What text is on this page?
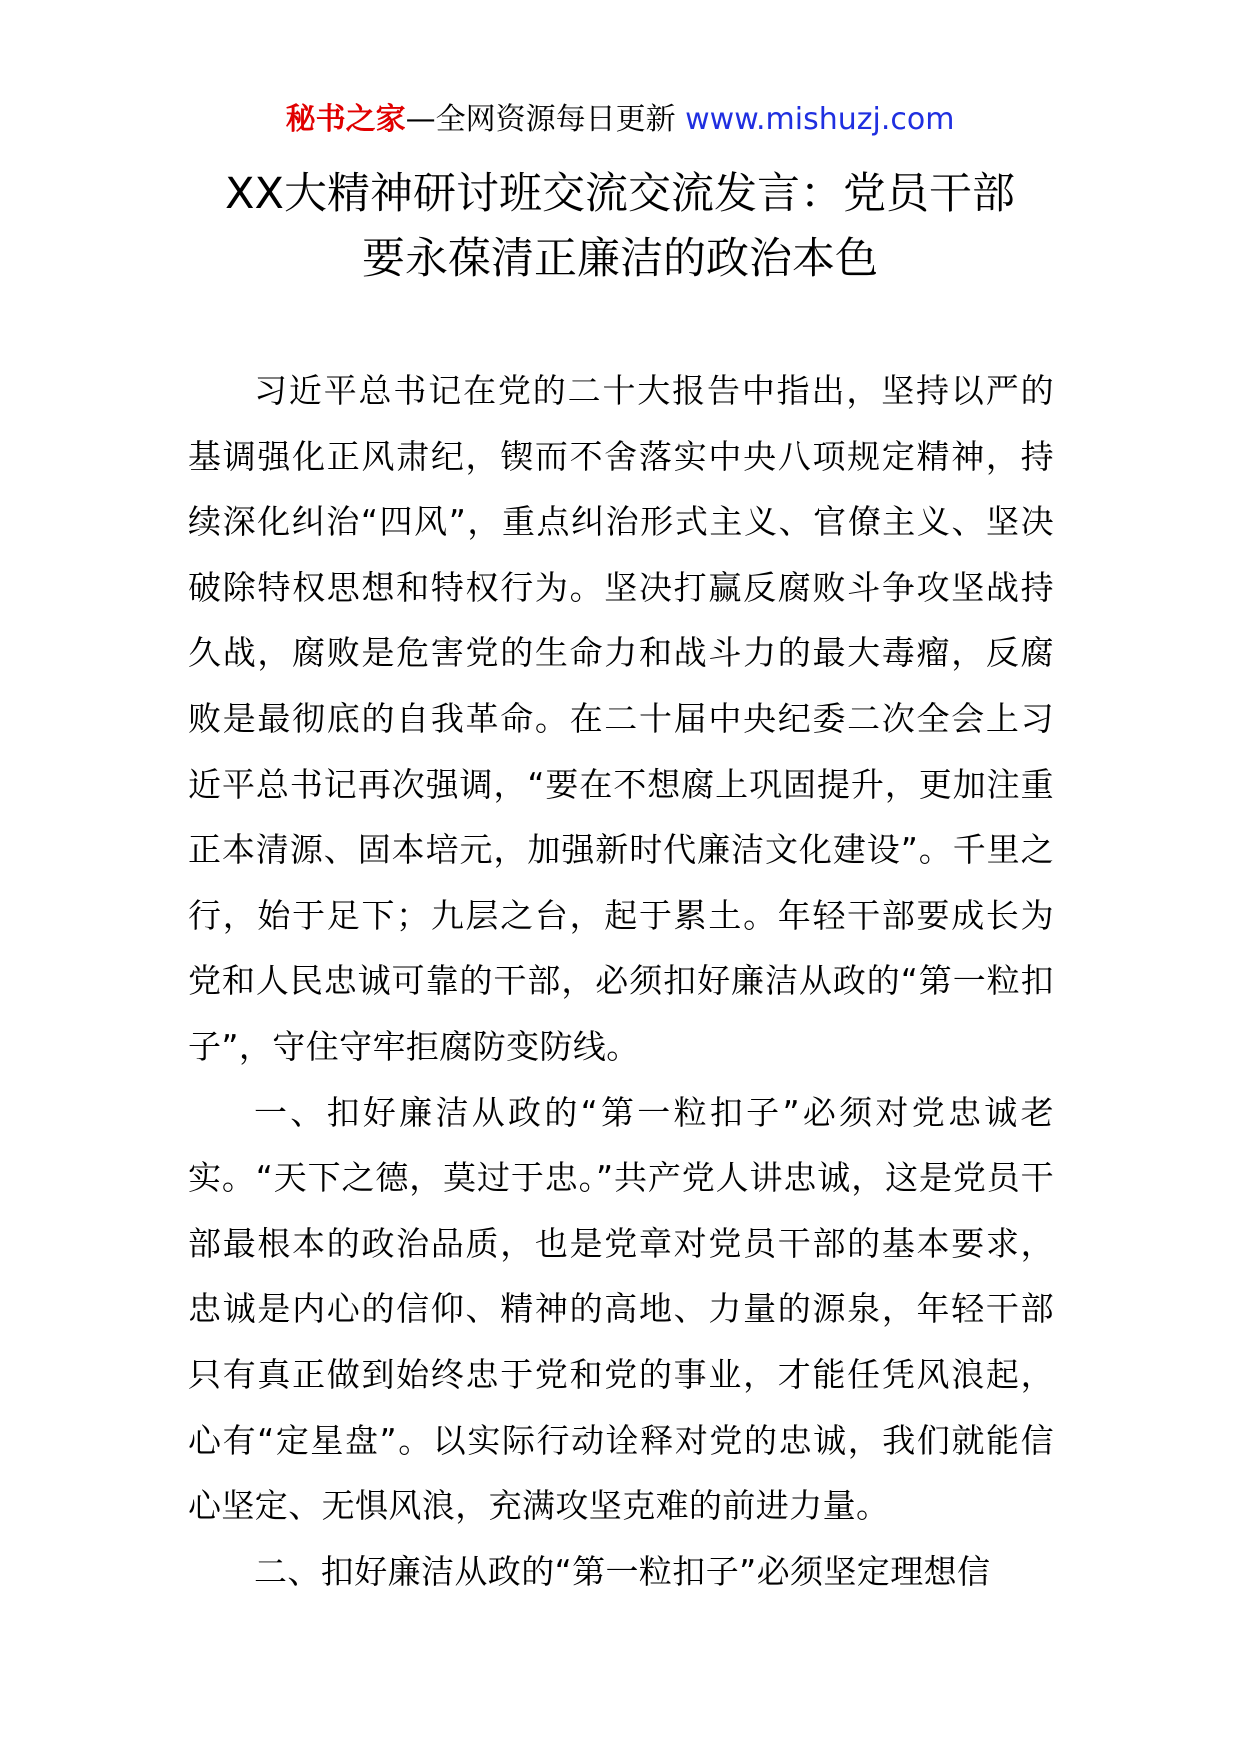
秘书之家—全网资源每日更新 www.mishuzj.com
XX大精神研讨班交流交流发言：党员干部
要永葆清正廉洁的政治本色

习近平总书记在党的二十大报告中指出，坚持以严的基调强化正风肃纪，锲而不舍落实中央八项规定精神，持续深化纠治“四风”，重点纠治形式主义、官僚主义、坚决破除特权思想和特权行为。坚决打赢反腐败斗争攻坚战持久战，腐败是危害党的生命力和战斗力的最大毒瘤，反腐败是最彻底的自我革命。在二十届中央纪委二次全会上习近平总书记再次强调，“要在不想腐上巩固提升，更加注重正本清源、固本培元，加强新时代廉洁文化建设”。千里之行，始于足下；九层之台，起于累土。年轻干部要成长为党和人民忠诚可靠的干部，必须扣好廉洁从政的“第一粒扣子”，守住守牢拒腐防变防线。

一、扣好廉洁从政的“第一粒扣子”必须对党忠诚老实。“天下之德，莫过于忠。”共产党人讲忠诚，这是党员干部最根本的政治品质，也是党章对党员干部的基本要求，忠诚是内心的信仰、精神的高地、力量的源泉，年轻干部只有真正做到始终忠于党和党的事业，才能任凭风浪起，心有“定星盘”。以实际行动诠释对党的忠诚，我们就能信心坚定、无惧风浪，充满攻坚克难的前进力量。

二、扣好廉洁从政的“第一粒扣子”必须坚定理想信
